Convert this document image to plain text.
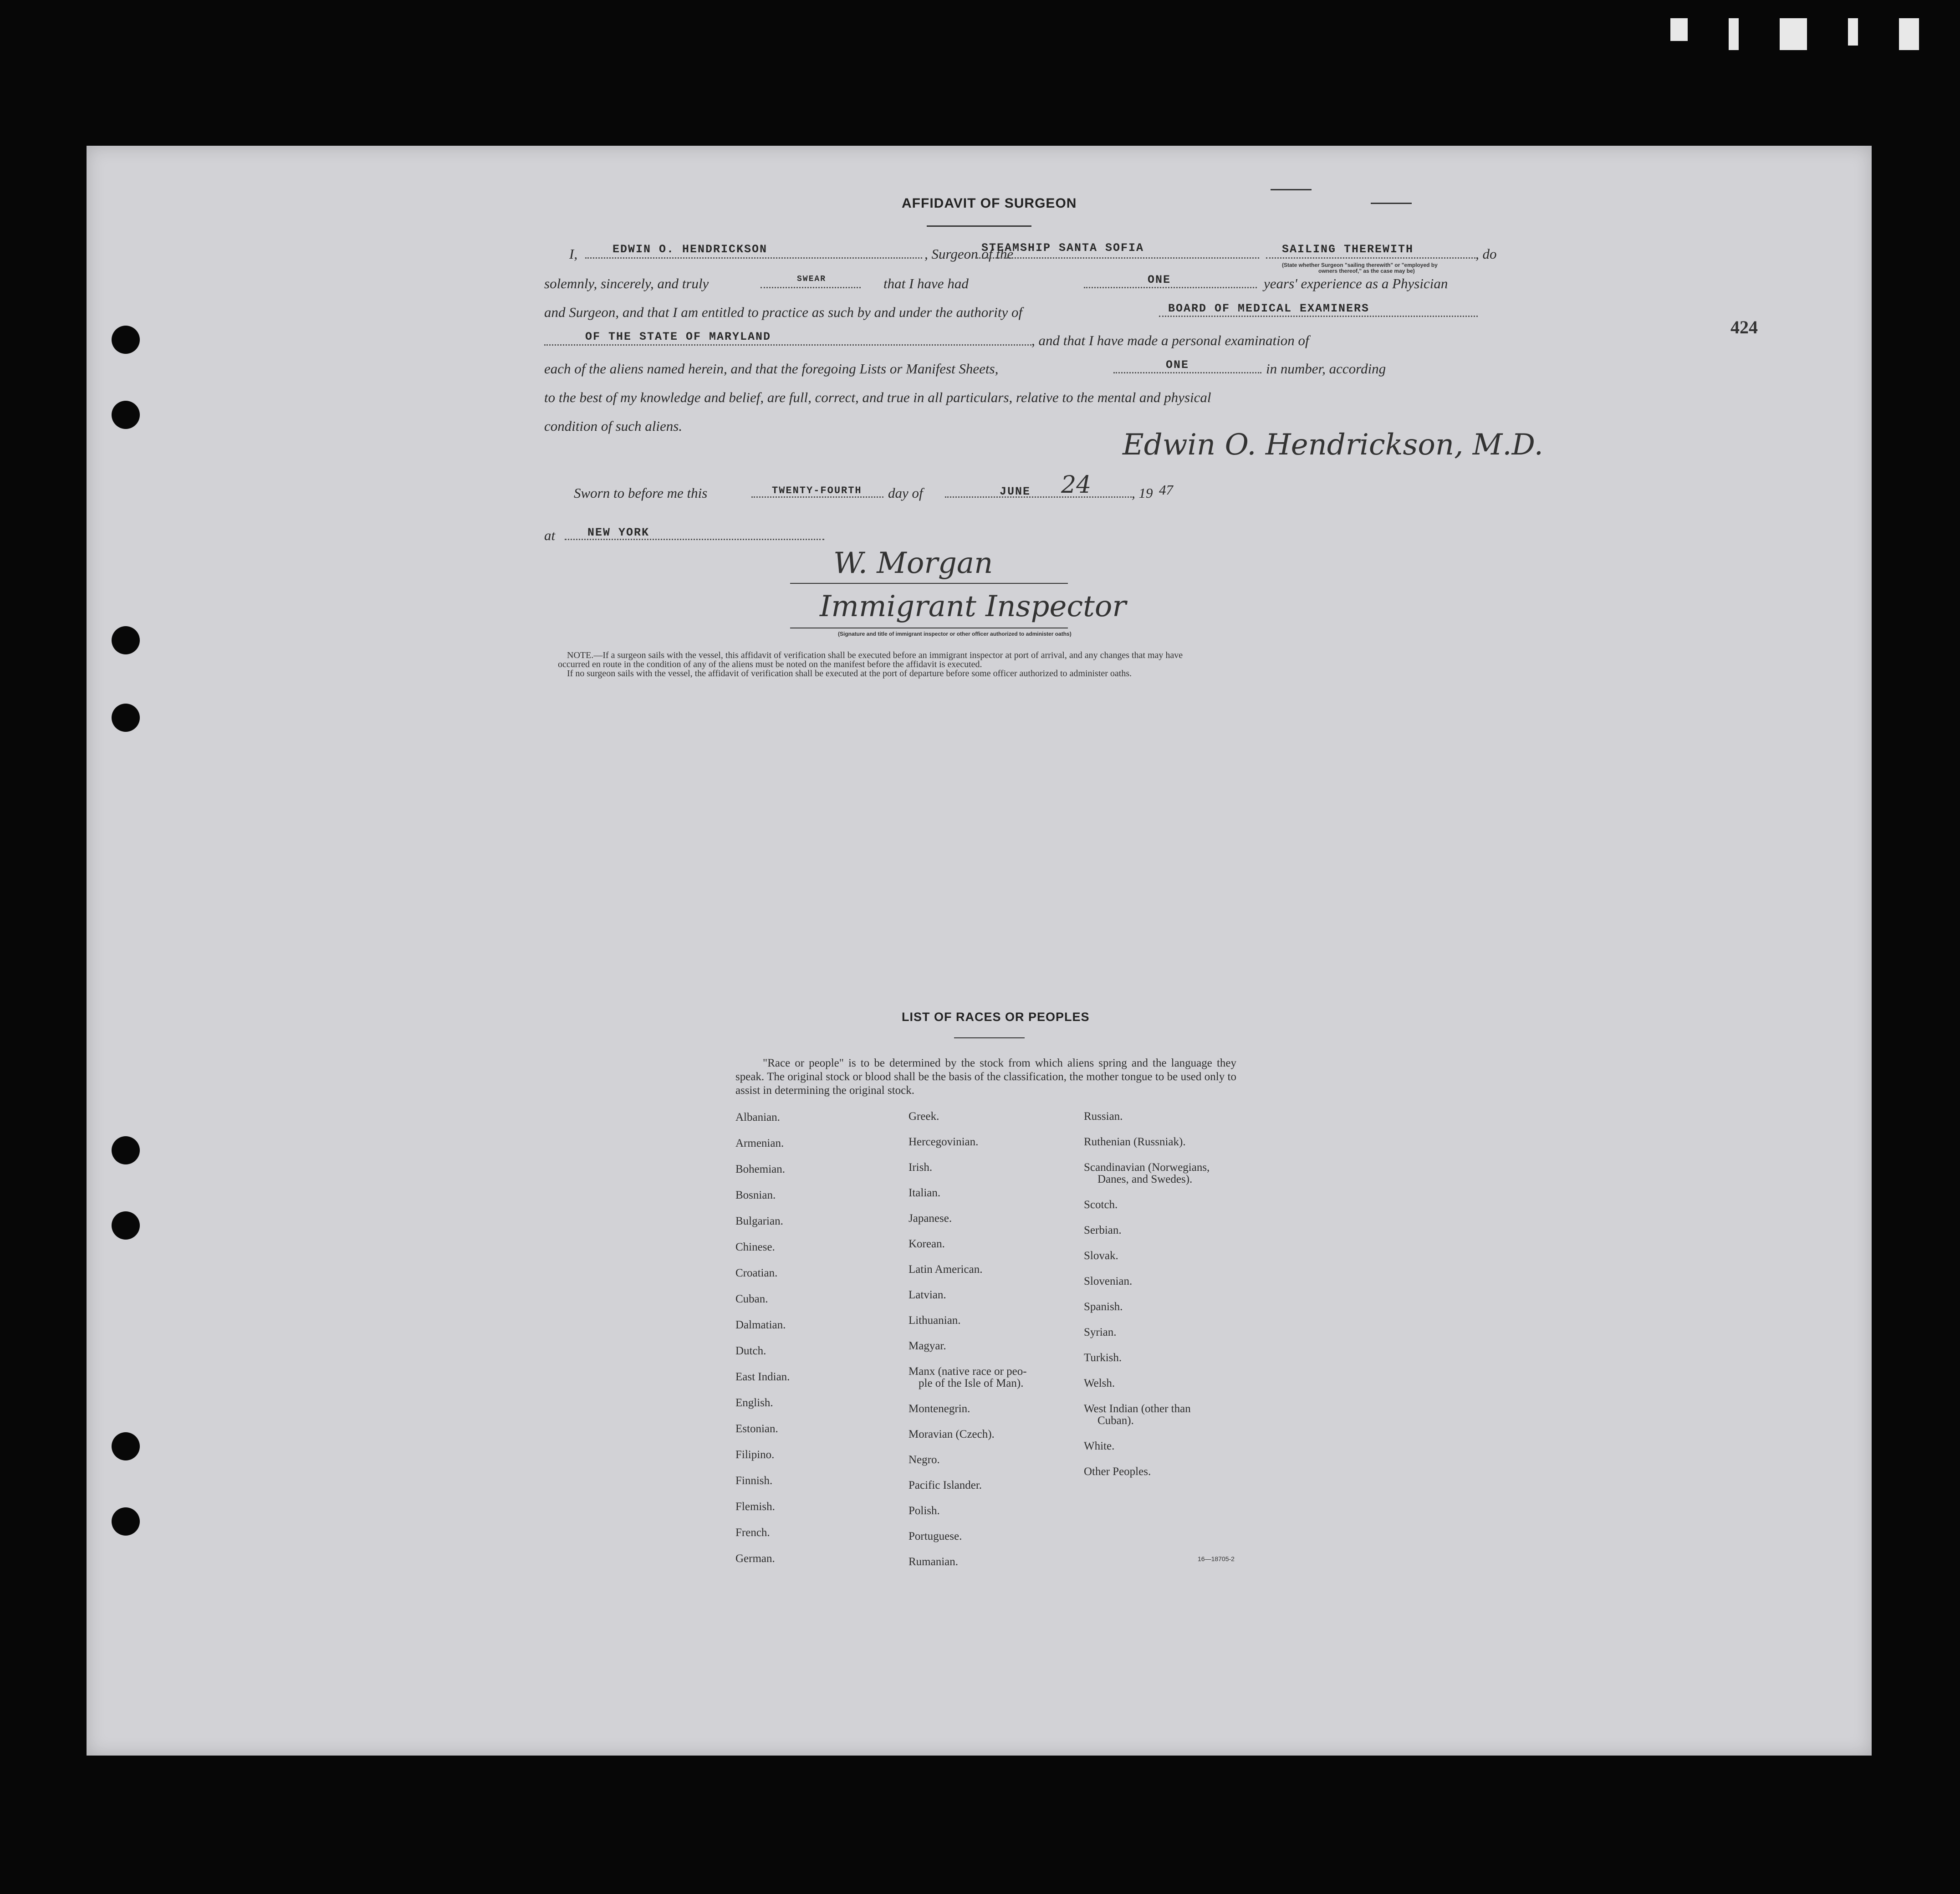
424
AFFIDAVIT OF SURGEON
I,	EDWIN O. HENDRICKSON	, Surgeon of the
STEAMSHIP SANTA SOFIA	SAILING THEREWITH	, do
(State whether Surgeon "sailing therewith" or "employed by
owners thereof," as the case may be)
solemnly, sincerely, and truly	SWEAR	that I have had	ONE	years' experience as a Physician
and Surgeon, and that I am entitled to practice as such by and under the authority of	BOARD OF MEDICAL EXAMINERS
OF THE STATE OF MARYLAND	, and that I have made a personal examination of
each of the aliens named herein, and that the foregoing Lists or Manifest Sheets,	ONE	in number, according
to the best of my knowledge and belief, are full, correct, and true in all particulars, relative to the mental and physical
condition of such aliens.
Edwin O. Hendrickson, M.D.
Sworn to before me this	TWENTY-FOURTH day of	JUNE 24	, 19 47
at	NEW YORK
W. Morgan
Immigrant Inspector
(Signature and title of immigrant inspector or other officer authorized to administer oaths)
NOTE.—If a surgeon sails with the vessel, this affidavit of verification shall be executed before an immigrant inspector at port of arrival, and any changes that may have
occurred en route in the condition of any of the aliens must be noted on the manifest before the affidavit is executed.
If no surgeon sails with the vessel, the affidavit of verification shall be executed at the port of departure before some officer authorized to administer oaths.
LIST OF RACES OR PEOPLES
"Race or people" is to be determined by the stock from which aliens spring and the language they speak. The original stock or blood shall be the basis of the classification, the mother tongue to be used only to assist in determining the original stock.
Albanian.
Armenian.
Bohemian.
Bosnian.
Bulgarian.
Chinese.
Croatian.
Cuban.
Dalmatian.
Dutch.
East Indian.
English.
Estonian.
Filipino.
Finnish.
Flemish.
French.
German.
Greek.
Hercegovinian.
Irish.
Italian.
Japanese.
Korean.
Latin American.
Latvian.
Lithuanian.
Magyar.
Manx (native race or peo-
ple of the Isle of Man).
Montenegrin.
Moravian (Czech).
Negro.
Pacific Islander.
Polish.
Portuguese.
Rumanian.
Russian.
Ruthenian (Russniak).
Scandinavian (Norwegians,
Danes, and Swedes).
Scotch.
Serbian.
Slovak.
Slovenian.
Spanish.
Syrian.
Turkish.
Welsh.
West Indian (other than
Cuban).
White.
Other Peoples.
16—18705-2
